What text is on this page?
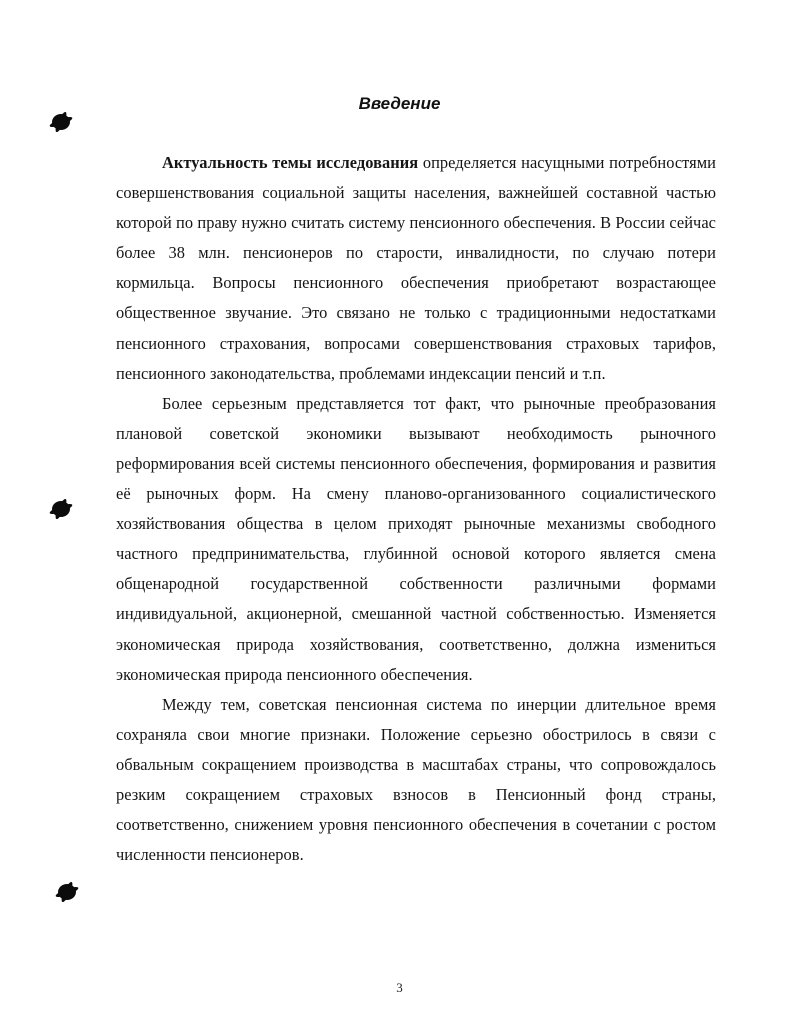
Введение

Актуальность темы исследования определяется насущными потребностями совершенствования социальной защиты населения, важнейшей составной частью которой по праву нужно считать систему пенсионного обеспечения. В России сейчас более 38 млн. пенсионеров по старости, инвалидности, по случаю потери кормильца. Вопросы пенсионного обеспечения приобретают возрастающее общественное звучание. Это связано не только с традиционными недостатками пенсионного страхования, вопросами совершенствования страховых тарифов, пенсионного законодательства, проблемами индексации пенсий и т.п.

Более серьезным представляется тот факт, что рыночные преобразования плановой советской экономики вызывают необходимость рыночного реформирования всей системы пенсионного обеспечения, формирования и развития её рыночных форм. На смену планово-организованного социалистического хозяйствования общества в целом приходят рыночные механизмы свободного частного предпринимательства, глубинной основой которого является смена общенародной государственной собственности различными формами индивидуальной, акционерной, смешанной частной собственностью. Изменяется экономическая природа хозяйствования, соответственно, должна измениться экономическая природа пенсионного обеспечения.

Между тем, советская пенсионная система по инерции длительное время сохраняла свои многие признаки. Положение серьезно обострилось в связи с обвальным сокращением производства в масштабах страны, что сопровождалось резким сокращением страховых взносов в Пенсионный фонд страны, соответственно, снижением уровня пенсионного обеспечения в сочетании с ростом численности пенсионеров.

3
